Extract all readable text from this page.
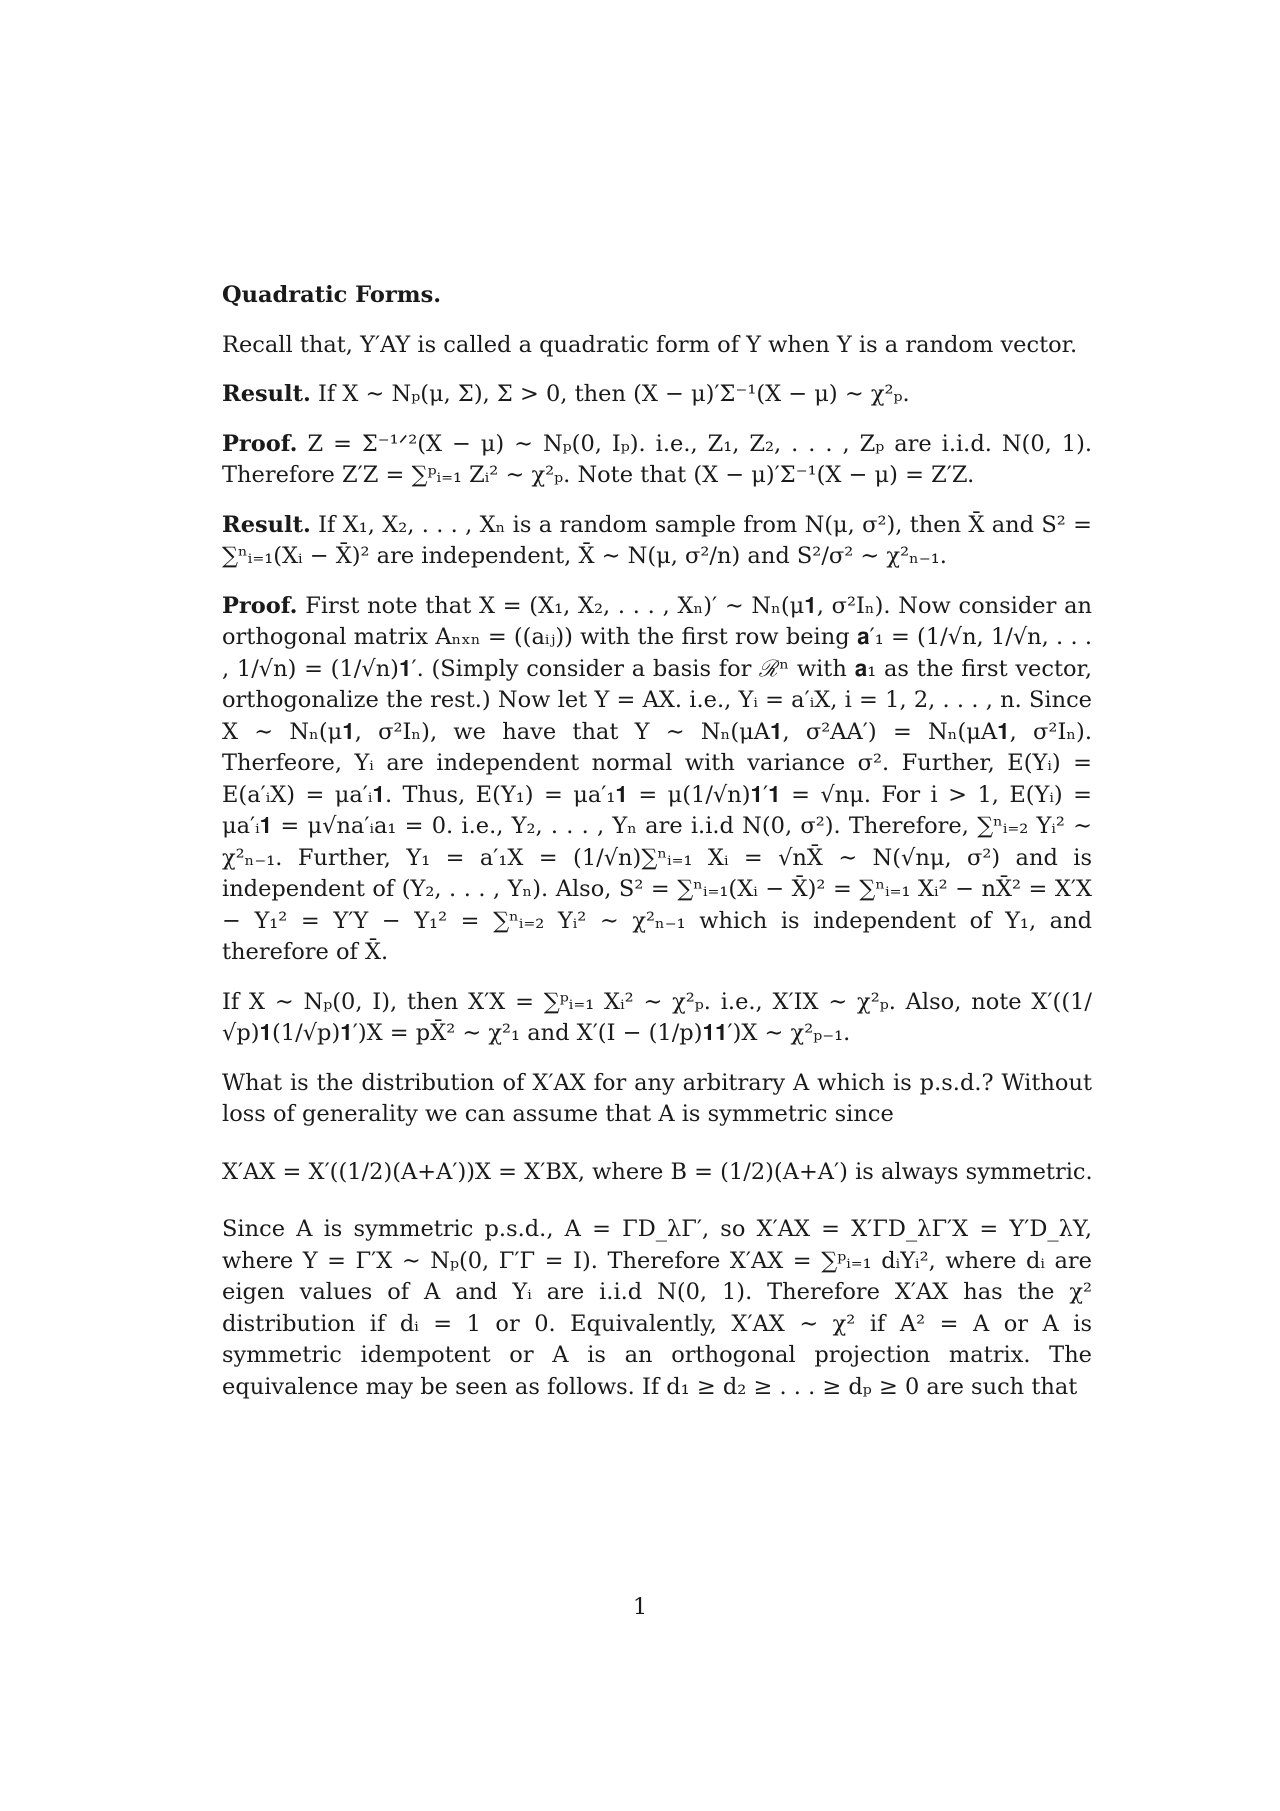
Quadratic Forms.

Recall that, Y′AY is called a quadratic form of Y when Y is a random vector.

Result. If X ∼ Nₚ(μ, Σ), Σ > 0, then (X − μ)′Σ⁻¹(X − μ) ∼ χ²ₚ.

Proof. Z = Σ⁻¹ᐟ²(X − μ) ∼ Nₚ(0, Iₚ). i.e., Z₁, Z₂, . . . , Zₚ are i.i.d. N(0, 1). Therefore Z′Z = ∑ᵖᵢ₌₁ Zᵢ² ∼ χ²ₚ. Note that (X − μ)′Σ⁻¹(X − μ) = Z′Z.

Result. If X₁, X₂, . . . , Xₙ is a random sample from N(μ, σ²), then X̄ and S² = ∑ⁿᵢ₌₁(Xᵢ − X̄)² are independent, X̄ ∼ N(μ, σ²/n) and S²/σ² ∼ χ²ₙ₋₁.

Proof. First note that X = (X₁, X₂, . . . , Xₙ)′ ∼ Nₙ(μ𝟏, σ²Iₙ). Now consider an orthogonal matrix Aₙₓₙ = ((aᵢⱼ)) with the first row being 𝐚′₁ = (1/√n, 1/√n, . . . , 1/√n) = (1/√n)𝟏′. (Simply consider a basis for ℛⁿ with 𝐚₁ as the first vector, orthogonalize the rest.) Now let Y = AX. i.e., Yᵢ = a′ᵢX, i = 1, 2, . . . , n. Since X ∼ Nₙ(μ𝟏, σ²Iₙ), we have that Y ∼ Nₙ(μA𝟏, σ²AA′) = Nₙ(μA𝟏, σ²Iₙ). Therfeore, Yᵢ are independent normal with variance σ². Further, E(Yᵢ) = E(a′ᵢX) = μa′ᵢ𝟏. Thus, E(Y₁) = μa′₁𝟏 = μ(1/√n)𝟏′𝟏 = √nμ. For i > 1, E(Yᵢ) = μa′ᵢ𝟏 = μ√na′ᵢa₁ = 0. i.e., Y₂, . . . , Yₙ are i.i.d N(0, σ²). Therefore, ∑ⁿᵢ₌₂ Yᵢ² ∼ χ²ₙ₋₁. Further, Y₁ = a′₁X = (1/√n)∑ⁿᵢ₌₁ Xᵢ = √nX̄ ∼ N(√nμ, σ²) and is independent of (Y₂, . . . , Yₙ). Also, S² = ∑ⁿᵢ₌₁(Xᵢ − X̄)² = ∑ⁿᵢ₌₁ Xᵢ² − nX̄² = X′X − Y₁² = Y′Y − Y₁² = ∑ⁿᵢ₌₂ Yᵢ² ∼ χ²ₙ₋₁ which is independent of Y₁, and therefore of X̄.

If X ∼ Nₚ(0, I), then X′X = ∑ᵖᵢ₌₁ Xᵢ² ∼ χ²ₚ. i.e., X′IX ∼ χ²ₚ. Also, note X′((1/√p)𝟏(1/√p)𝟏′)X = pX̄² ∼ χ²₁ and X′(I − (1/p)𝟏𝟏′)X ∼ χ²ₚ₋₁.

What is the distribution of X′AX for any arbitrary A which is p.s.d.? Without loss of generality we can assume that A is symmetric since

X′AX = X′((1/2)(A+A′))X = X′BX, where B = (1/2)(A+A′) is always symmetric.

Since A is symmetric p.s.d., A = ΓD_λΓ′, so X′AX = X′ΓD_λΓ′X = Y′D_λY, where Y = Γ′X ∼ Nₚ(0, Γ′Γ = I). Therefore X′AX = ∑ᵖᵢ₌₁ dᵢYᵢ², where dᵢ are eigen values of A and Yᵢ are i.i.d N(0, 1). Therefore X′AX has the χ² distribution if dᵢ = 1 or 0. Equivalently, X′AX ∼ χ² if A² = A or A is symmetric idempotent or A is an orthogonal projection matrix. The equivalence may be seen as follows. If d₁ ≥ d₂ ≥ . . . ≥ dₚ ≥ 0 are such that

1
